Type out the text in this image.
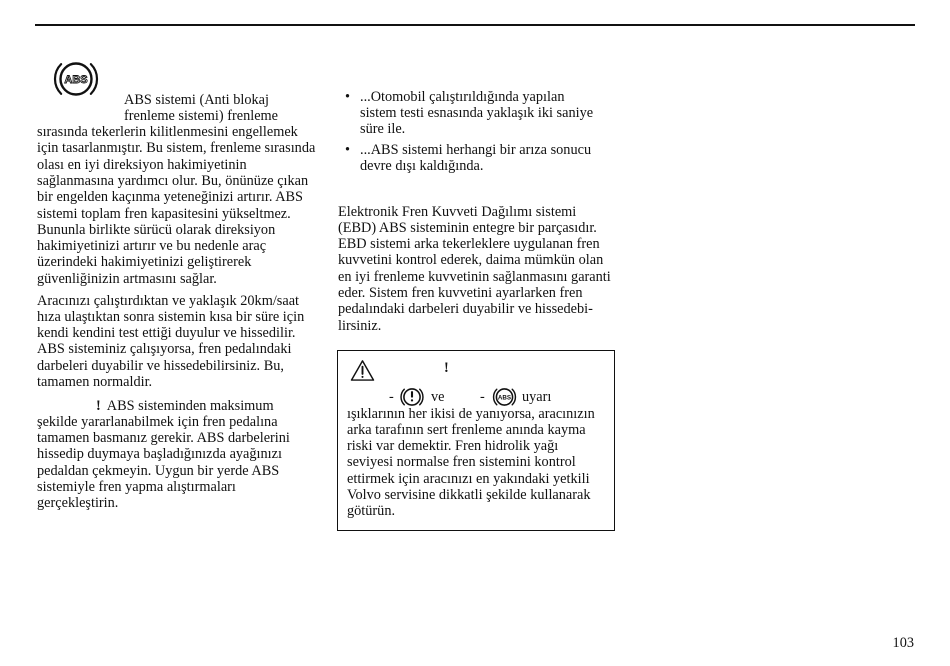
ABS
ABS sistemi (Anti blokaj
frenleme sistemi) frenleme
sırasında tekerlerin kilitlenmesini engellemek
için tasarlanmıştır. Bu sistem, frenleme sırasında
olası en iyi direksiyon hakimiyetinin
sağlanmasına yardımcı olur. Bu, önünüze çıkan
bir engelden kaçınma yeteneğinizi artırır. ABS
sistemi toplam fren kapasitesini yükseltmez.
Bununla birlikte sürücü olarak direksiyon
hakimiyetinizi artırır ve bu nedenle araç
üzerindeki hakimiyetinizi geliştirerek
güvenliğinizin artmasını sağlar.
Aracınızı çalıştırdıktan ve yaklaşık 20km/saat
hıza ulaştıktan sonra sistemin kısa bir süre için
kendi kendini test ettiği duyulur ve hissedilir.
ABS sisteminiz çalışıyorsa, fren pedalındaki
darbeleri duyabilir ve hissedebilirsiniz. Bu,
tamamen normaldir.
! ABS sisteminden maksimum
şekilde yararlanabilmek için fren pedalına
tamamen basmanız gerekir. ABS darbelerini
hissedip duymaya başladığınızda ayağınızı
pedaldan çekmeyin. Uygun bir yerde ABS
sistemiyle fren yapma alıştırmaları
gerçekleştirin.
• ...Otomobil çalıştırıldığında yapılan
sistem testi esnasında yaklaşık iki saniye
süre ile.
• ...ABS sistemi herhangi bir arıza sonucu
devre dışı kaldığında.
Elektronik Fren Kuvveti Dağılımı sistemi
(EBD) ABS sisteminin entegre bir parçasıdır.
EBD sistemi arka tekerleklere uygulanan fren
kuvvetini kontrol ederek, daima mümkün olan
en iyi frenleme kuvvetinin sağlanmasını garanti
eder. Sistem fren kuvvetini ayarlarken fren
pedalındaki darbeleri duyabilir ve hissedebi-
lirsiniz.
!
-	ve - ABS uyarı
ışıklarının her ikisi de yanıyorsa, aracınızın
arka tarafının sert frenleme anında kayma
riski var demektir. Fren hidrolik yağı
seviyesi normalse fren sistemini kontrol
ettirmek için aracınızı en yakındaki yetkili
Volvo servisine dikkatli şekilde kullanarak
götürün.
103
